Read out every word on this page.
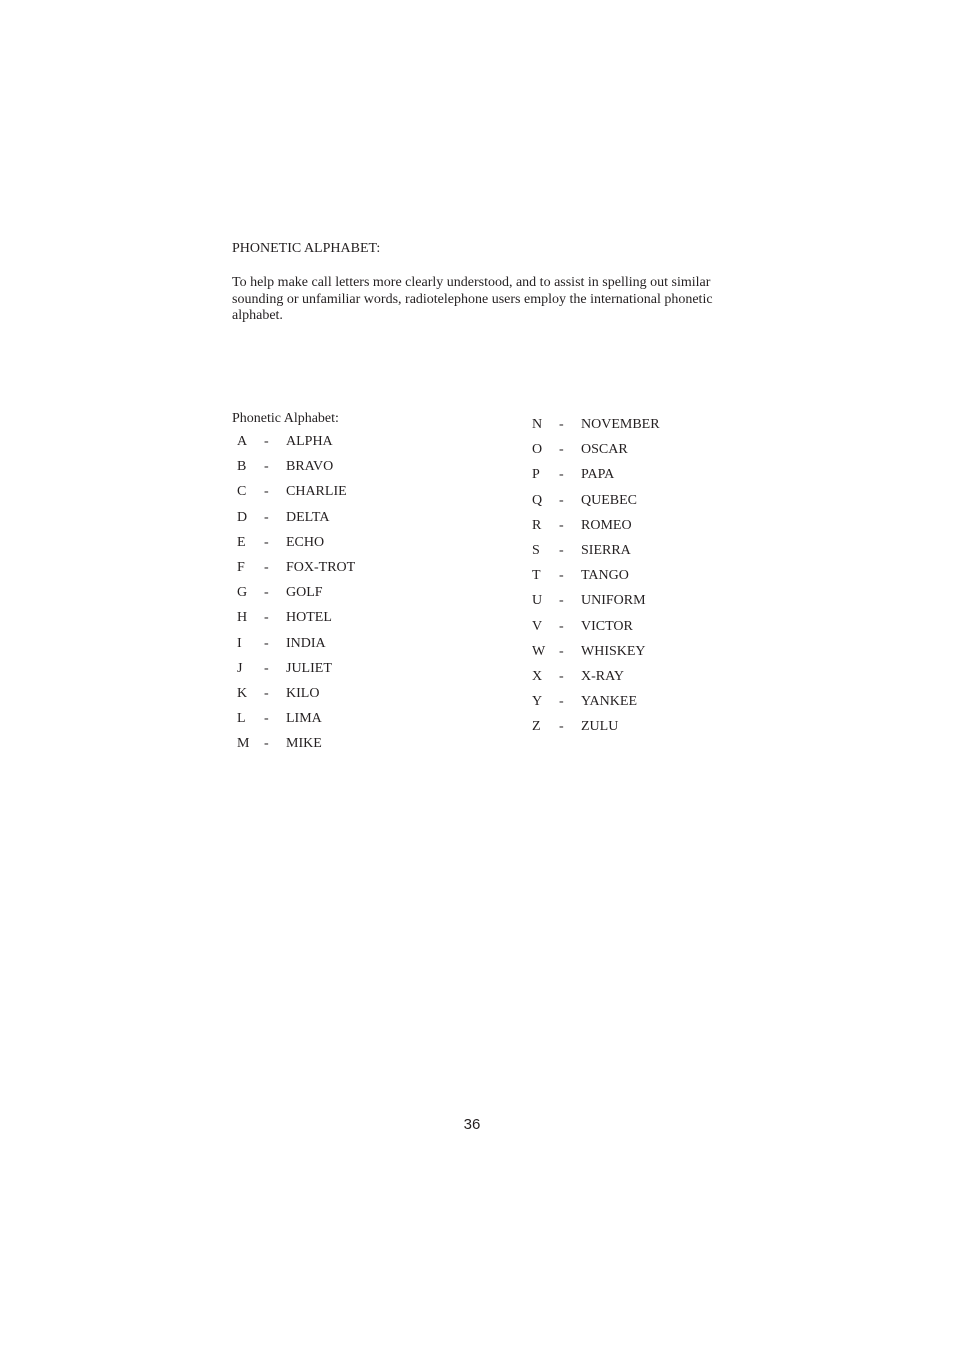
PHONETIC ALPHABET:
To help make call letters more clearly understood, and to assist in spelling out similar sounding or unfamiliar words, radiotelephone users employ the international phonetic alphabet.
Phonetic Alphabet:
A - ALPHA
B - BRAVO
C - CHARLIE
D - DELTA
E - ECHO
F - FOX-TROT
G - GOLF
H - HOTEL
I - INDIA
J - JULIET
K - KILO
L - LIMA
M - MIKE
N - NOVEMBER
O - OSCAR
P - PAPA
Q - QUEBEC
R - ROMEO
S - SIERRA
T - TANGO
U - UNIFORM
V - VICTOR
W - WHISKEY
X - X-RAY
Y - YANKEE
Z - ZULU
36
